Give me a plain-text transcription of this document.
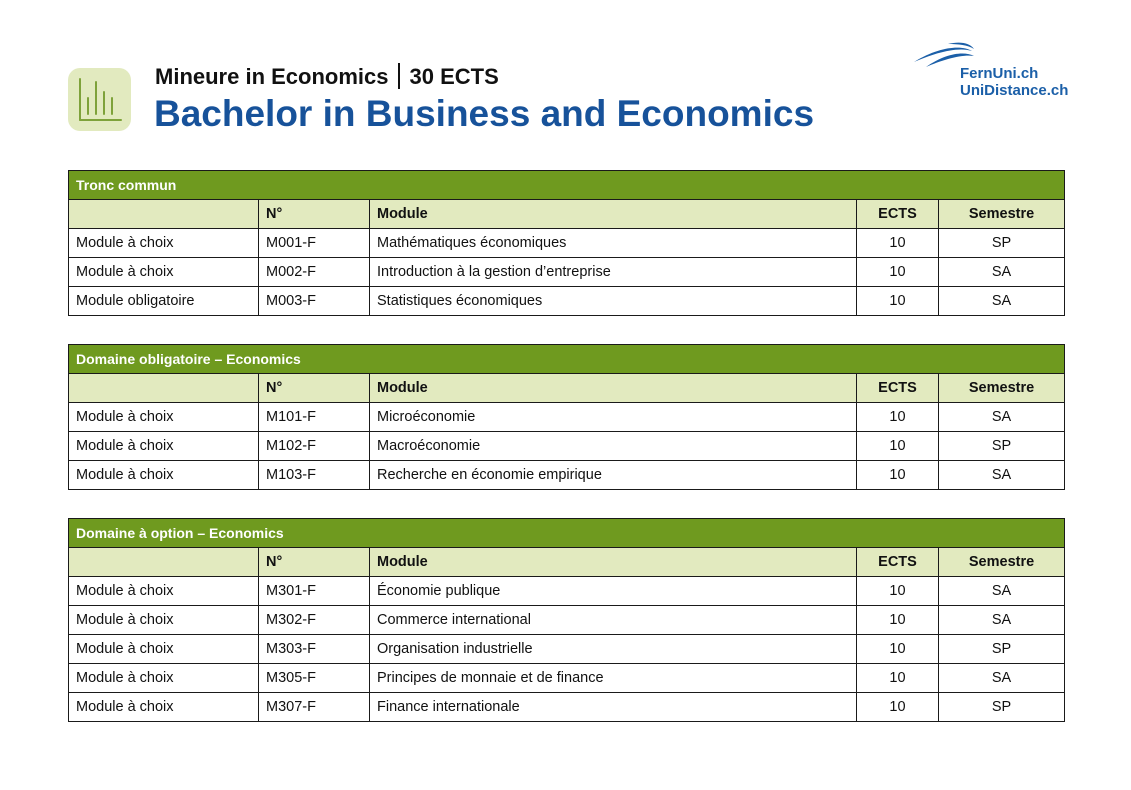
Mineure in Economics 30 ECTS
Bachelor in Business and Economics
FernUni.ch
UniDistance.ch
Tronc commun				
	N°	Module	ECTS	Semestre
Module à choix	M001-F	Mathématiques économiques	10	SP
Module à choix	M002-F	Introduction à la gestion d’entreprise	10	SA
Module obligatoire	M003-F	Statistiques économiques	10	SA
Domaine obligatoire – Economics				
	N°	Module	ECTS	Semestre
Module à choix	M101-F	Microéconomie	10	SA
Module à choix	M102-F	Macroéconomie	10	SP
Module à choix	M103-F	Recherche en économie empirique	10	SA
Domaine à option – Economics				
	N°	Module	ECTS	Semestre
Module à choix	M301-F	Économie publique	10	SA
Module à choix	M302-F	Commerce international	10	SA
Module à choix	M303-F	Organisation industrielle	10	SP
Module à choix	M305-F	Principes de monnaie et de finance	10	SA
Module à choix	M307-F	Finance internationale	10	SP
